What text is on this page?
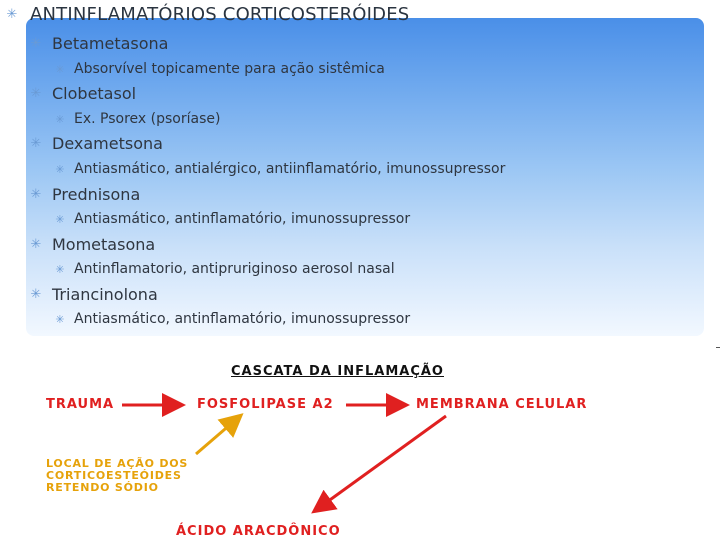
✳ ANTINFLAMATÓRIOS CORTICOSTERÓIDES
✳ Betametasona
✳ Absorvível topicamente para ação sistêmica
✳ Clobetasol
✳ Ex. Psorex (psoríase)
✳ Dexametsona
✳ Antiasmático, antialérgico, antiinflamatório, imunossupressor
✳ Prednisona
✳ Antiasmático, antinflamatório, imunossupressor
✳ Mometasona
✳ Antinflamatorio, antipruriginoso aerosol nasal
✳ Triancinolona
✳ Antiasmático, antinflamatório, imunossupressor
CASCATA DA INFLAMAÇÃO
TRAUMA	FOSFOLIPASE A2	MEMBRANA CELULAR
ÁCIDO ARACDÔNICO
LOCAL DE AÇÃO DOS
CORTICOESTEÓIDES
RETENDO SÓDIO
